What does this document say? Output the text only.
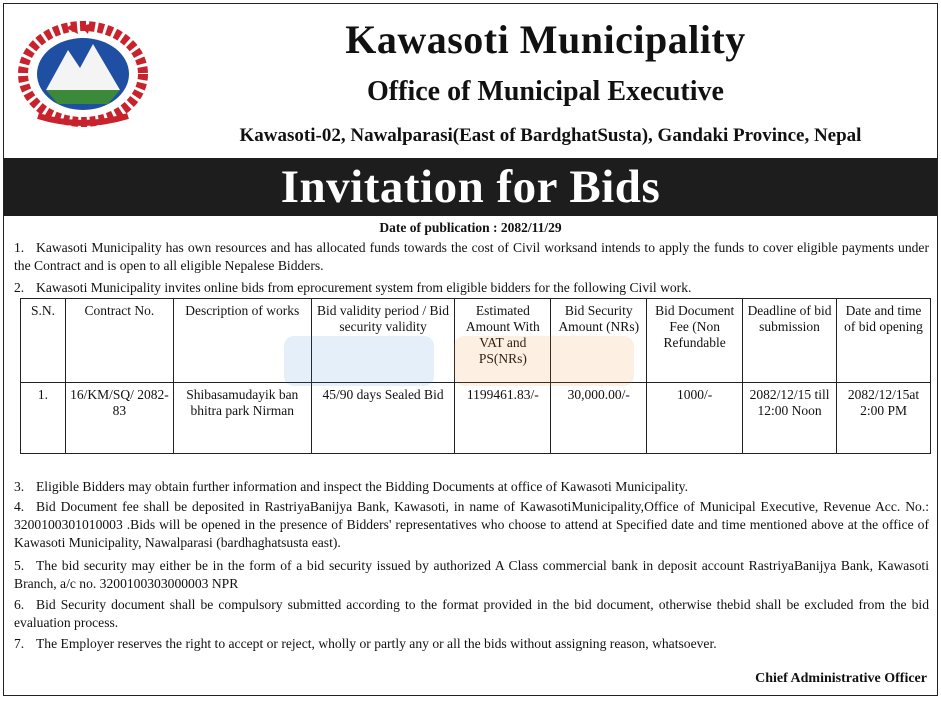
Kawasoti Municipality
Office of Municipal Executive
Kawasoti-02, Nawalparasi(East of BardghatSusta), Gandaki Province, Nepal
Invitation for Bids
Date of publication : 2082/11/29
1. Kawasoti Municipality has own resources and has allocated funds towards the cost of Civil worksand intends to apply the funds to cover eligible payments under the Contract and is open to all eligible Nepalese Bidders.
2. Kawasoti Municipality invites online bids from eprocurement system from eligible bidders for the following Civil work.
S.N.	Contract No.	Description of works	Bid validity period / Bid security validity	Estimated Amount With VAT and PS(NRs)	Bid Security Amount (NRs)	Bid Document Fee (Non Refundable	Deadline of bid submission	Date and time of bid opening
1.	16/KM/SQ/ 2082-83	Shibasamudayik ban bhitra park Nirman	45/90 days Sealed Bid	1199461.83/-	30,000.00/-	1000/-	2082/12/15 till 12:00 Noon	2082/12/15at 2:00 PM
3. Eligible Bidders may obtain further information and inspect the Bidding Documents at office of Kawasoti Municipality.
4. Bid Document fee shall be deposited in RastriyaBanijya Bank, Kawasoti, in name of KawasotiMunicipality,Office of Municipal Executive, Revenue Acc. No.: 3200100301010003 .Bids will be opened in the presence of Bidders' representatives who choose to attend at Specified date and time mentioned above at the office of Kawasoti Municipality, Nawalparasi (bardhaghatsusta east).
5. The bid security may either be in the form of a bid security issued by authorized A Class commercial bank in deposit account RastriyaBanijya Bank, Kawasoti Branch, a/c no. 3200100303000003 NPR
6. Bid Security document shall be compulsory submitted according to the format provided in the bid document, otherwise thebid shall be excluded from the bid evaluation process.
7. The Employer reserves the right to accept or reject, wholly or partly any or all the bids without assigning reason, whatsoever.
Chief Administrative Officer
